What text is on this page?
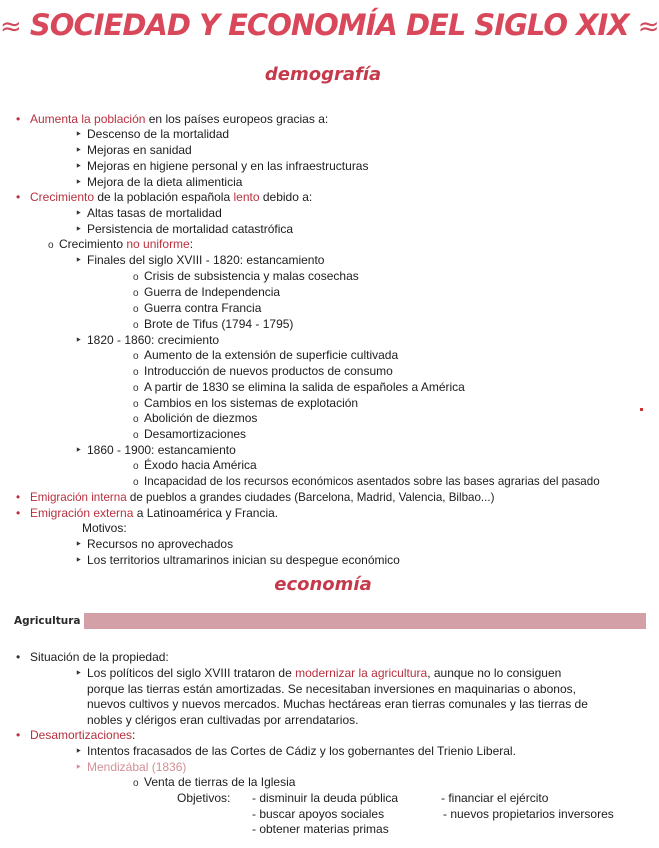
≈ SOCIEDAD Y ECONOMÍA DEL SIGLO XIX ≈
demografía
• Aumenta la población en los países europeos gracias a:
‣ Descenso de la mortalidad
‣ Mejoras en sanidad
‣ Mejoras en higiene personal y en las infraestructuras
‣ Mejora de la dieta alimenticia
• Crecimiento de la población española lento debido a:
‣ Altas tasas de mortalidad
‣ Persistencia de mortalidad catastrófica
o Crecimiento no uniforme:
‣ Finales del siglo XVIII - 1820: estancamiento
o Crisis de subsistencia y malas cosechas
o Guerra de Independencia
o Guerra contra Francia
o Brote de Tifus (1794 - 1795)
‣ 1820 - 1860: crecimiento
o Aumento de la extensión de superficie cultivada
o Introducción de nuevos productos de consumo
o A partir de 1830 se elimina la salida de españoles a América
o Cambios en los sistemas de explotación
o Abolición de diezmos
o Desamortizaciones
‣ 1860 - 1900: estancamiento
o Éxodo hacia América
o Incapacidad de los recursos económicos asentados sobre las bases agrarias del pasado
• Emigración interna de pueblos a grandes ciudades (Barcelona, Madrid, Valencia, Bilbao...)
• Emigración externa a Latinoamérica y Francia.
Motivos:
‣ Recursos no aprovechados
‣ Los territorios ultramarinos inician su despegue económico
economía
Agricultura
• Situación de la propiedad:
‣ Los políticos del siglo XVIII trataron de modernizar la agricultura, aunque no lo consiguen
porque las tierras están amortizadas. Se necesitaban inversiones en maquinarias o abonos,
nuevos cultivos y nuevos mercados. Muchas hectáreas eran tierras comunales y las tierras de
nobles y clérigos eran cultivadas por arrendatarios.
• Desamortizaciones:
‣ Intentos fracasados de las Cortes de Cádiz y los gobernantes del Trienio Liberal.
‣ Mendizábal (1836)
o Venta de tierras de la Iglesia
Objetivos: - disminuir la deuda pública	- financiar el ejército
- buscar apoyos sociales	- nuevos propietarios inversores
- obtener materias primas
